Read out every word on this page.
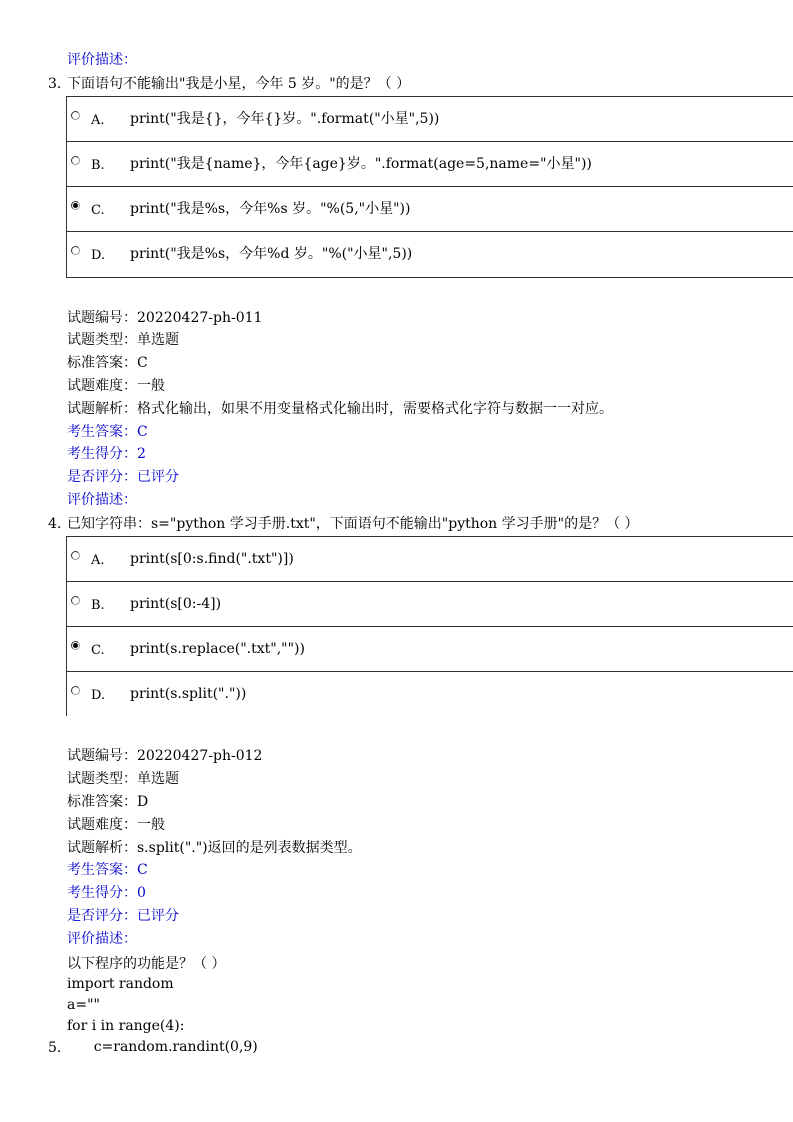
评价描述：
3. 下面语句不能输出"我是小星，今年 5 岁。"的是？（ ）
A. print("我是{}，今年{}岁。".format("小星",5))
B. print("我是{name}，今年{age}岁。".format(age=5,name="小星"))
C. print("我是%s，今年%s 岁。"%(5,"小星"))
D. print("我是%s，今年%d 岁。"%("小星",5))
试题编号：20220427-ph-011
试题类型：单选题
标准答案：C
试题难度：一般
试题解析：格式化输出，如果不用变量格式化输出时，需要格式化字符与数据一一对应。
考生答案：C
考生得分：2
是否评分：已评分
评价描述：
4. 已知字符串：s="python 学习手册.txt"，下面语句不能输出"python 学习手册"的是？（ ）
A. print(s[0:s.find(".txt")])
B. print(s[0:-4])
C. print(s.replace(".txt",""))
D. print(s.split("."))
试题编号：20220427-ph-012
试题类型：单选题
标准答案：D
试题难度：一般
试题解析：s.split(".")返回的是列表数据类型。
考生答案：C
考生得分：0
是否评分：已评分
评价描述：
以下程序的功能是？（ ）
import random
a=""
for i in range(4):
5. c=random.randint(0,9)
